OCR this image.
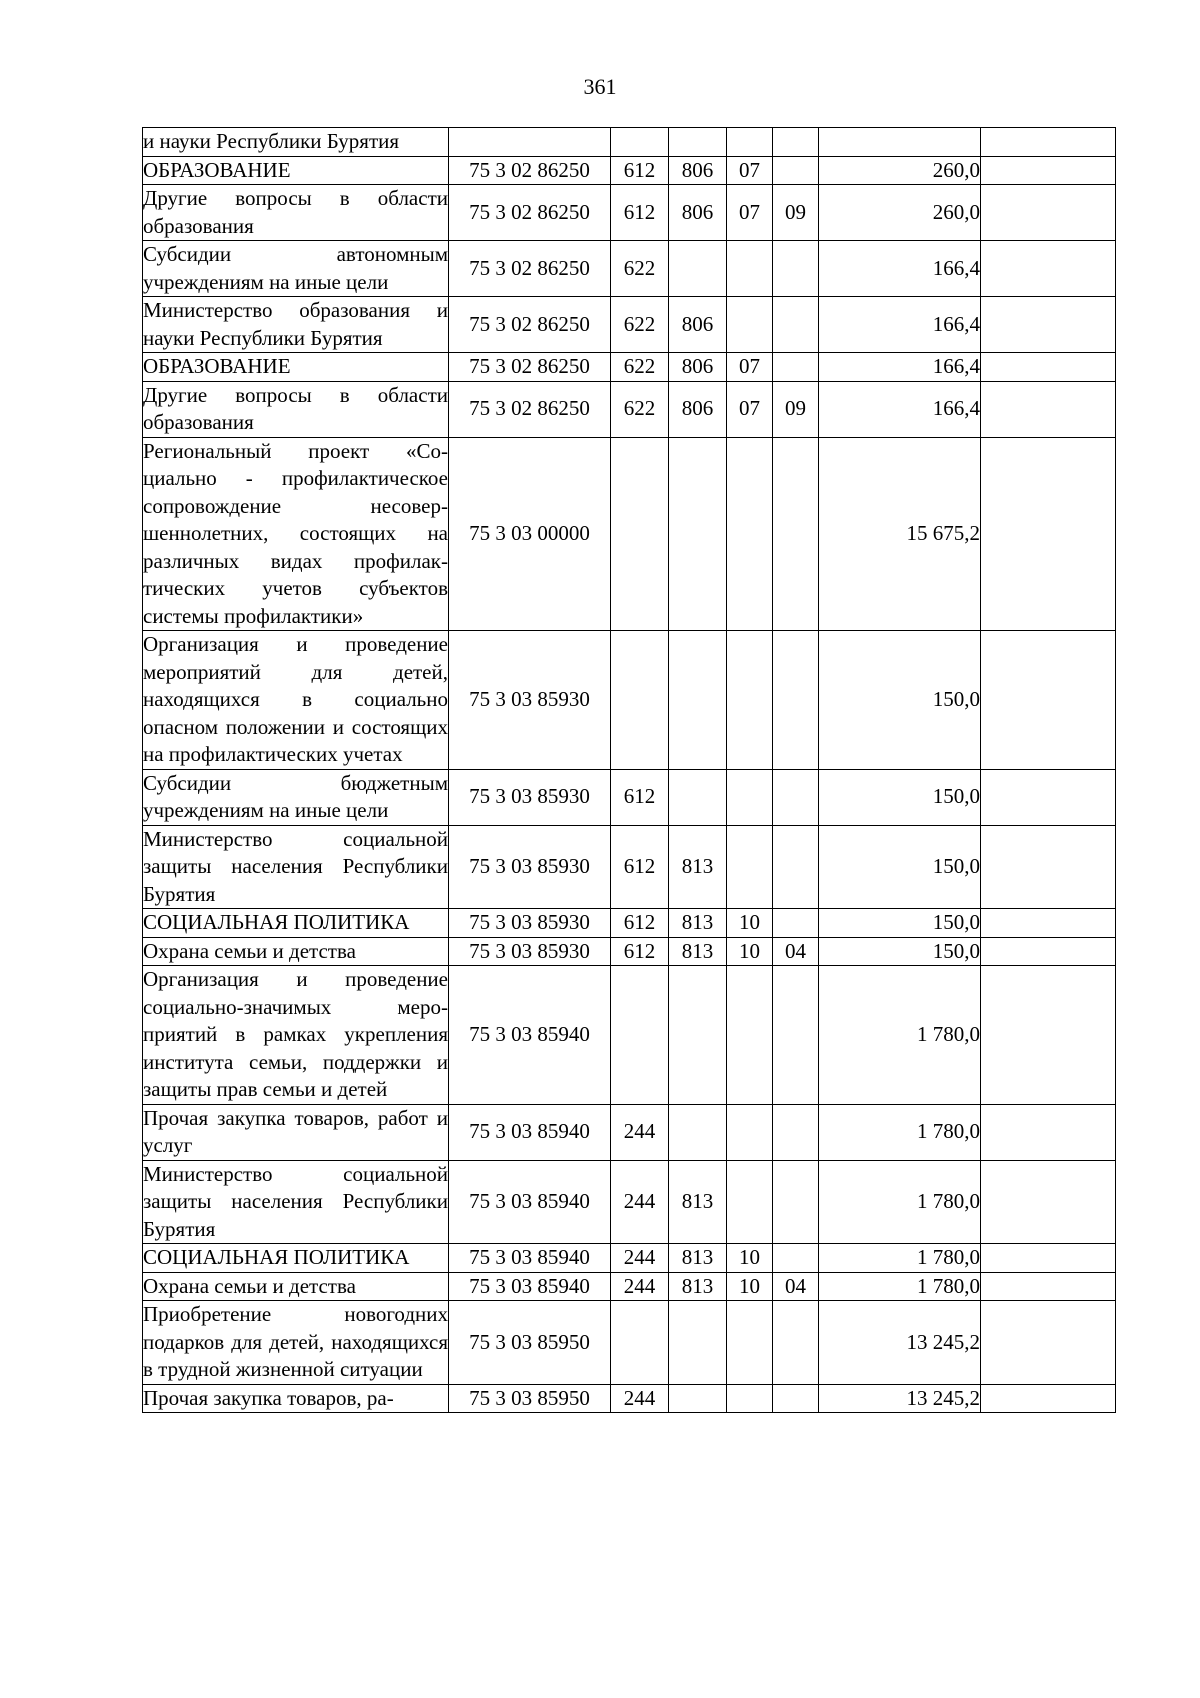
361
и науки Республики Бурятия							
ОБРАЗОВАНИЕ	75 3 02 86250	612	806	07		260,0	
Другие вопросы в области образования	75 3 02 86250	612	806	07	09	260,0	
Субсидии автономным учреждениям на иные цели	75 3 02 86250	622				166,4	
Министерство образования и науки Республики Бурятия	75 3 02 86250	622	806			166,4	
ОБРАЗОВАНИЕ	75 3 02 86250	622	806	07		166,4	
Другие вопросы в области образования	75 3 02 86250	622	806	07	09	166,4	
Региональный проект «Социально - профилактическое сопровождение несовершеннолетних, состоящих на различных видах профилактических учетов субъектов системы профилактики»	75 3 03 00000					15 675,2	
Организация и проведение мероприятий для детей, находящихся в социально опасном положении и состоящих на профилактических учетах	75 3 03 85930					150,0	
Субсидии бюджетным учреждениям на иные цели	75 3 03 85930	612				150,0	
Министерство социальной защиты населения Республики Бурятия	75 3 03 85930	612	813			150,0	
СОЦИАЛЬНАЯ ПОЛИТИКА	75 3 03 85930	612	813	10		150,0	
Охрана семьи и детства	75 3 03 85930	612	813	10	04	150,0	
Организация и проведение социально-значимых мероприятий в рамках укрепления института семьи, поддержки и защиты прав семьи и детей	75 3 03 85940					1 780,0	
Прочая закупка товаров, работ и услуг	75 3 03 85940	244				1 780,0	
Министерство социальной защиты населения Республики Бурятия	75 3 03 85940	244	813			1 780,0	
СОЦИАЛЬНАЯ ПОЛИТИКА	75 3 03 85940	244	813	10		1 780,0	
Охрана семьи и детства	75 3 03 85940	244	813	10	04	1 780,0	
Приобретение новогодних подарков для детей, находящихся в трудной жизненной ситуации	75 3 03 85950					13 245,2	
Прочая закупка товаров, ра-	75 3 03 85950	244				13 245,2	
